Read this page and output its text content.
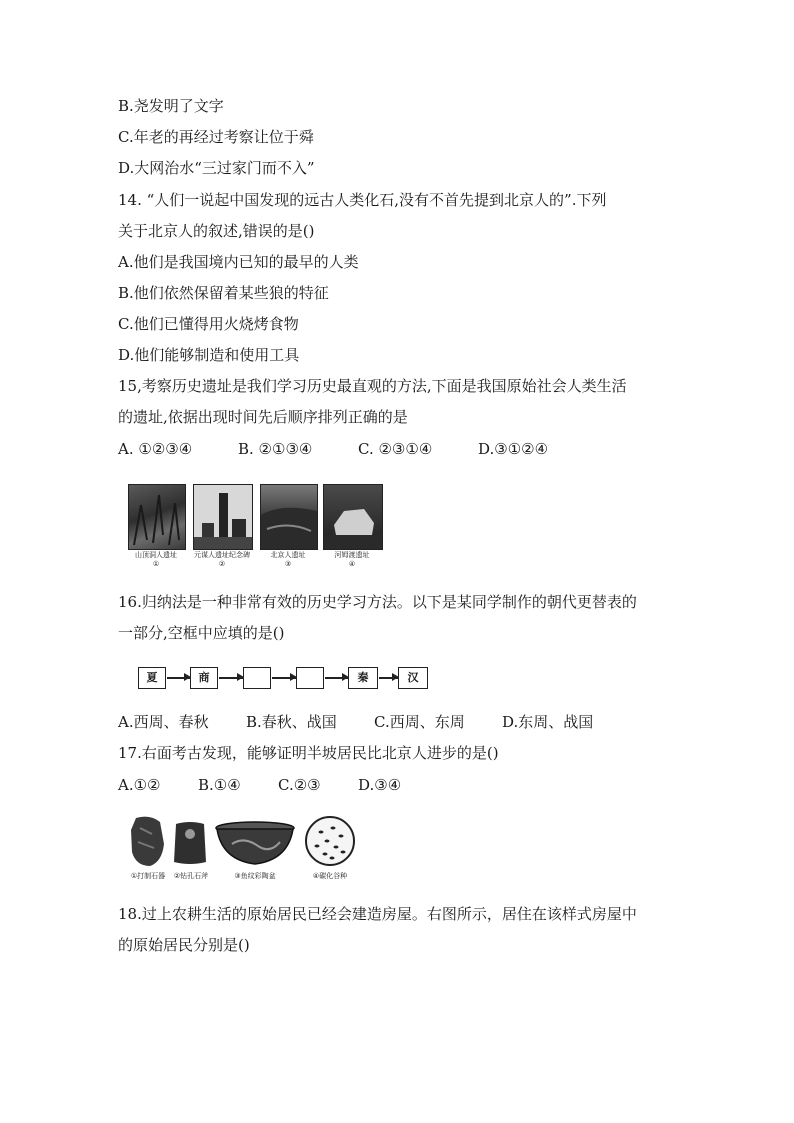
B.尧发明了文字
C.年老的再经过考察让位于舜
D.大网治水“三过家门而不入”
14. “人们一说起中国发现的远古人类化石,没有不首先提到北京人的”.下列
关于北京人的叙述,错误的是()
A.他们是我国境内已知的最早的人类
B.他们依然保留着某些狼的特征
C.他们已懂得用火烧烤食物
D.他们能够制造和使用工具
15,考察历史遗址是我们学习历史最直观的方法,下面是我国原始社会人类生活
的遗址,依据出现时间先后顺序排列正确的是
A. ①②③④	B. ②①③④	C. ②③①④	D.③①②④
山顶洞人遗址
①
元谋人遗址纪念碑
②
北京人遗址
③
河姆渡遗址
④
16.归纳法是一种非常有效的历史学习方法。以下是某同学制作的朝代更替表的
一部分,空框中应填的是()
夏	商	秦	汉
A.西周、春秋 B.春秋、战国 C.西周、东周 D.东周、战国
17.右面考古发现，能够证明半坡居民比北京人进步的是()
A.①②	B.①④ C.②③ D.③④
①打制石器	②钻孔石斧	③鱼纹彩陶盆	④碳化谷种
18.过上农耕生活的原始居民已经会建造房屋。右图所示，居住在该样式房屋中
的原始居民分别是()
